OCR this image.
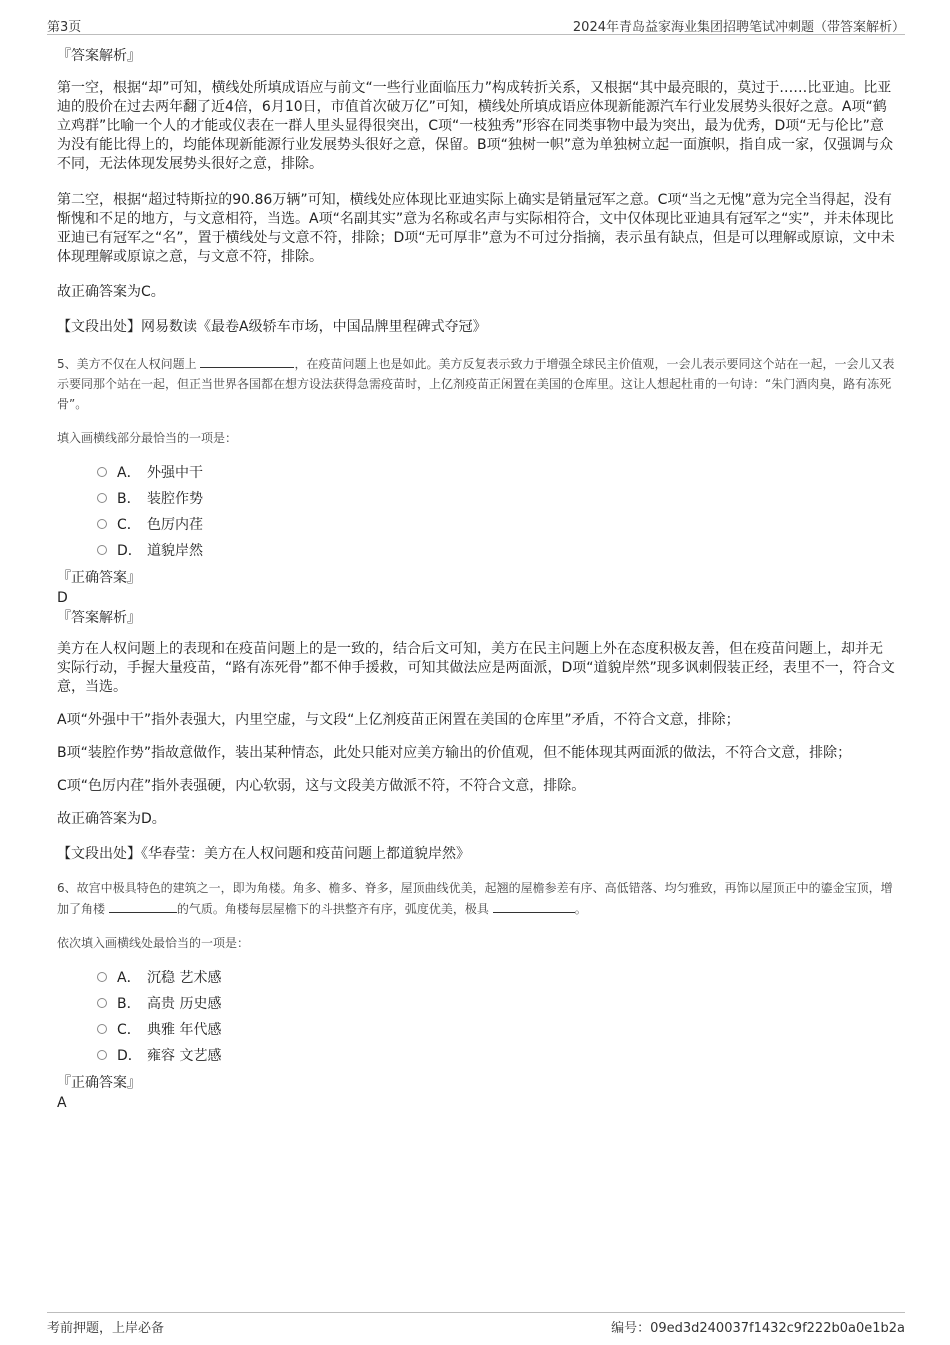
第3页	2024年青岛益家海业集团招聘笔试冲刺题（带答案解析）
『答案解析』

第一空，根据“却”可知，横线处所填成语应与前文“一些行业面临压力”构成转折关系，又根据“其中最亮眼的，莫过于……比亚迪。比亚迪的股价在过去两年翻了近4倍，6月10日，市值首次破万亿”可知，横线处所填成语应体现新能源汽车行业发展势头很好之意。A项“鹤立鸡群”比喻一个人的才能或仪表在一群人里头显得很突出，C项“一枝独秀”形容在同类事物中最为突出，最为优秀，D项“无与伦比”意为没有能比得上的，均能体现新能源行业发展势头很好之意，保留。B项“独树一帜”意为单独树立起一面旗帜，指自成一家，仅强调与众不同，无法体现发展势头很好之意，排除。

第二空，根据“超过特斯拉的90.86万辆”可知，横线处应体现比亚迪实际上确实是销量冠军之意。C项“当之无愧”意为完全当得起，没有惭愧和不足的地方，与文意相符，当选。A项“名副其实”意为名称或名声与实际相符合，文中仅体现比亚迪具有冠军之“实”，并未体现比亚迪已有冠军之“名”，置于横线处与文意不符，排除；D项“无可厚非”意为不可过分指摘，表示虽有缺点，但是可以理解或原谅，文中未体现理解或原谅之意，与文意不符，排除。

故正确答案为C。

【文段出处】网易数读《最卷A级轿车市场，中国品牌里程碑式夺冠》

5、美方不仅在人权问题上	，在疫苗问题上也是如此。美方反复表示致力于增强全球民主价值观，一会儿表示要同这个站在一起，一会儿又表示要同那个站在一起，但正当世界各国都在想方设法获得急需疫苗时，上亿剂疫苗正闲置在美国的仓库里。这让人想起杜甫的一句诗：“朱门酒肉臭，路有冻死骨”。

填入画横线部分最恰当的一项是：

A． 外强中干
B． 装腔作势
C． 色厉内荏
D． 道貌岸然
『正确答案』
D
『答案解析』

美方在人权问题上的表现和在疫苗问题上的是一致的，结合后文可知，美方在民主问题上外在态度积极友善，但在疫苗问题上，却并无实际行动，手握大量疫苗，“路有冻死骨”都不伸手援救，可知其做法应是两面派，D项“道貌岸然”现多讽刺假装正经，表里不一，符合文意，当选。

A项“外强中干”指外表强大，内里空虚，与文段“上亿剂疫苗正闲置在美国的仓库里”矛盾，不符合文意，排除；

B项“装腔作势”指故意做作，装出某种情态，此处只能对应美方输出的价值观，但不能体现其两面派的做法，不符合文意，排除；

C项“色厉内荏”指外表强硬，内心软弱，这与文段美方做派不符，不符合文意，排除。

故正确答案为D。

【文段出处】《华春莹：美方在人权问题和疫苗问题上都道貌岸然》

6、故宫中极具特色的建筑之一，即为角楼。角多、檐多、脊多，屋顶曲线优美，起翘的屋檐参差有序、高低错落、均匀雅致，再饰以屋顶正中的鎏金宝顶，增加了角楼	的气质。角楼每层屋檐下的斗拱整齐有序，弧度优美，极具	。

依次填入画横线处最恰当的一项是：

A． 沉稳 艺术感
B． 高贵 历史感
C． 典雅 年代感
D． 雍容 文艺感
『正确答案』
A
考前押题，上岸必备	编号：09ed3d240037f1432c9f222b0a0e1b2a
